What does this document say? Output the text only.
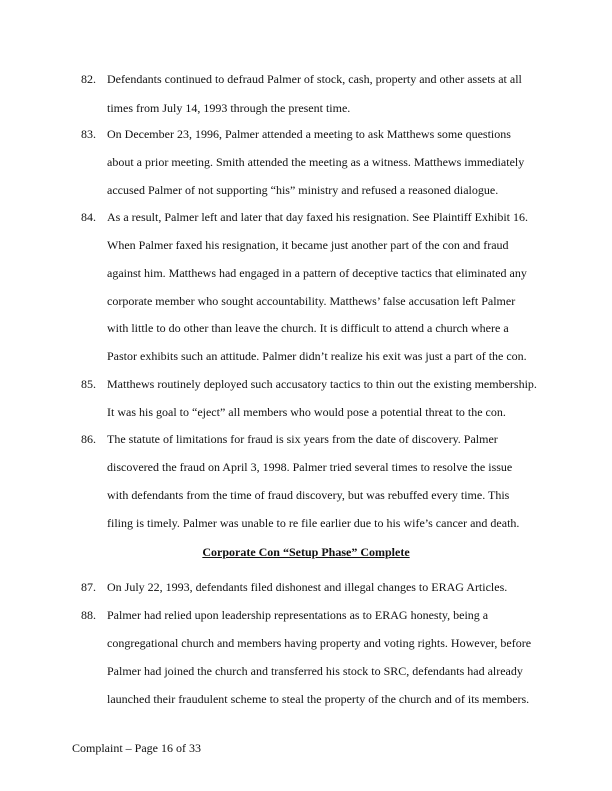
82. Defendants continued to defraud Palmer of stock, cash, property and other assets at all
times from July 14, 1993 through the present time.
83. On December 23, 1996, Palmer attended a meeting to ask Matthews some questions
about a prior meeting. Smith attended the meeting as a witness. Matthews immediately
accused Palmer of not supporting “his” ministry and refused a reasoned dialogue.
84. As a result, Palmer left and later that day faxed his resignation. See Plaintiff Exhibit 16.
When Palmer faxed his resignation, it became just another part of the con and fraud
against him. Matthews had engaged in a pattern of deceptive tactics that eliminated any
corporate member who sought accountability. Matthews’ false accusation left Palmer
with little to do other than leave the church. It is difficult to attend a church where a
Pastor exhibits such an attitude. Palmer didn’t realize his exit was just a part of the con.
85. Matthews routinely deployed such accusatory tactics to thin out the existing membership.
It was his goal to “eject” all members who would pose a potential threat to the con.
86. The statute of limitations for fraud is six years from the date of discovery. Palmer
discovered the fraud on April 3, 1998. Palmer tried several times to resolve the issue
with defendants from the time of fraud discovery, but was rebuffed every time. This
filing is timely. Palmer was unable to re file earlier due to his wife’s cancer and death.
Corporate Con “Setup Phase” Complete
87. On July 22, 1993, defendants filed dishonest and illegal changes to ERAG Articles.
88. Palmer had relied upon leadership representations as to ERAG honesty, being a
congregational church and members having property and voting rights. However, before
Palmer had joined the church and transferred his stock to SRC, defendants had already
launched their fraudulent scheme to steal the property of the church and of its members.
Complaint – Page 16 of 33
